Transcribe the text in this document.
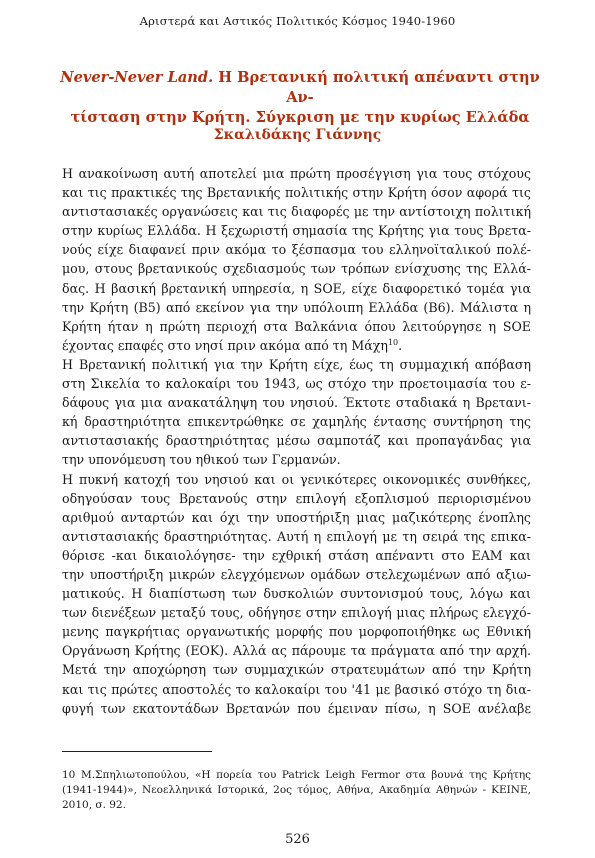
Αριστερά και Αστικός Πολιτικός Κόσμος 1940-1960
Never-Never Land. Η Βρετανική πολιτική απέναντι στην Αν-
τίσταση στην Κρήτη. Σύγκριση με την κυρίως Ελλάδα
Σκαλιδάκης Γιάννης
Η ανακοίνωση αυτή αποτελεί μια πρώτη προσέγγιση για τους στόχους
και τις πρακτικές της Βρετανικής πολιτικής στην Κρήτη όσον αφορά τις
αντιστασιακές οργανώσεις και τις διαφορές με την αντίστοιχη πολιτική
στην κυρίως Ελλάδα. Η ξεχωριστή σημασία της Κρήτης για τους Βρετα-
νούς είχε διαφανεί πριν ακόμα το ξέσπασμα του ελληνοϊταλικού πολέ-
μου, στους βρετανικούς σχεδιασμούς των τρόπων ενίσχυσης της Ελλά-
δας. Η βασική βρετανική υπηρεσία, η SOE, είχε διαφορετικό τομέα για
την Κρήτη (B5) από εκείνον για την υπόλοιπη Ελλάδα (B6). Μάλιστα η
Κρήτη ήταν η πρώτη περιοχή στα Βαλκάνια όπου λειτούργησε η SOE
έχοντας επαφές στο νησί πριν ακόμα από τη Μάχη$^{10}$.
Η Βρετανική πολιτική για την Κρήτη είχε, έως τη συμμαχική απόβαση
στη Σικελία το καλοκαίρι του 1943, ως στόχο την προετοιμασία του ε-
δάφους για μια ανακατάληψη του νησιού. Έκτοτε σταδιακά η Βρετανι-
κή δραστηριότητα επικεντρώθηκε σε χαμηλής έντασης συντήρηση της
αντιστασιακής δραστηριότητας μέσω σαμποτάζ και προπαγάνδας για
την υπονόμευση του ηθικού των Γερμανών.
Η πυκνή κατοχή του νησιού και οι γενικότερες οικονομικές συνθήκες,
οδηγούσαν τους Βρετανούς στην επιλογή εξοπλισμού περιορισμένου
αριθμού ανταρτών και όχι την υποστήριξη μιας μαζικότερης ένοπλης
αντιστασιακής δραστηριότητας. Αυτή η επιλογή με τη σειρά της επικα-
θόρισε -και δικαιολόγησε- την εχθρική στάση απέναντι στο ΕΑΜ και
την υποστήριξη μικρών ελεγχόμενων ομάδων στελεχωμένων από αξιω-
ματικούς. Η διαπίστωση των δυσκολιών συντονισμού τους, λόγω και
των διενέξεων μεταξύ τους, οδήγησε στην επιλογή μιας πλήρως ελεγχό-
μενης παγκρήτιας οργανωτικής μορφής που μορφοποιήθηκε ως Εθνική
Οργάνωση Κρήτης (ΕΟΚ). Αλλά ας πάρουμε τα πράγματα από την αρχή.
Μετά την αποχώρηση των συμμαχικών στρατευμάτων από την Κρήτη
και τις πρώτες αποστολές το καλοκαίρι του '41 με βασικό στόχο τη δια-
φυγή των εκατοντάδων Βρετανών που έμειναν πίσω, η SOE ανέλαβε
10 Μ.Σπηλιωτοπούλου, «Η πορεία του Patrick Leigh Fermor στα βουνά της Κρήτης
(1941-1944)», Νεοελληνικά Ιστορικά, 2ος τόμος, Αθήνα, Ακαδημία Αθηνών - ΚΕΙΝΕ,
2010, σ. 92.
526
